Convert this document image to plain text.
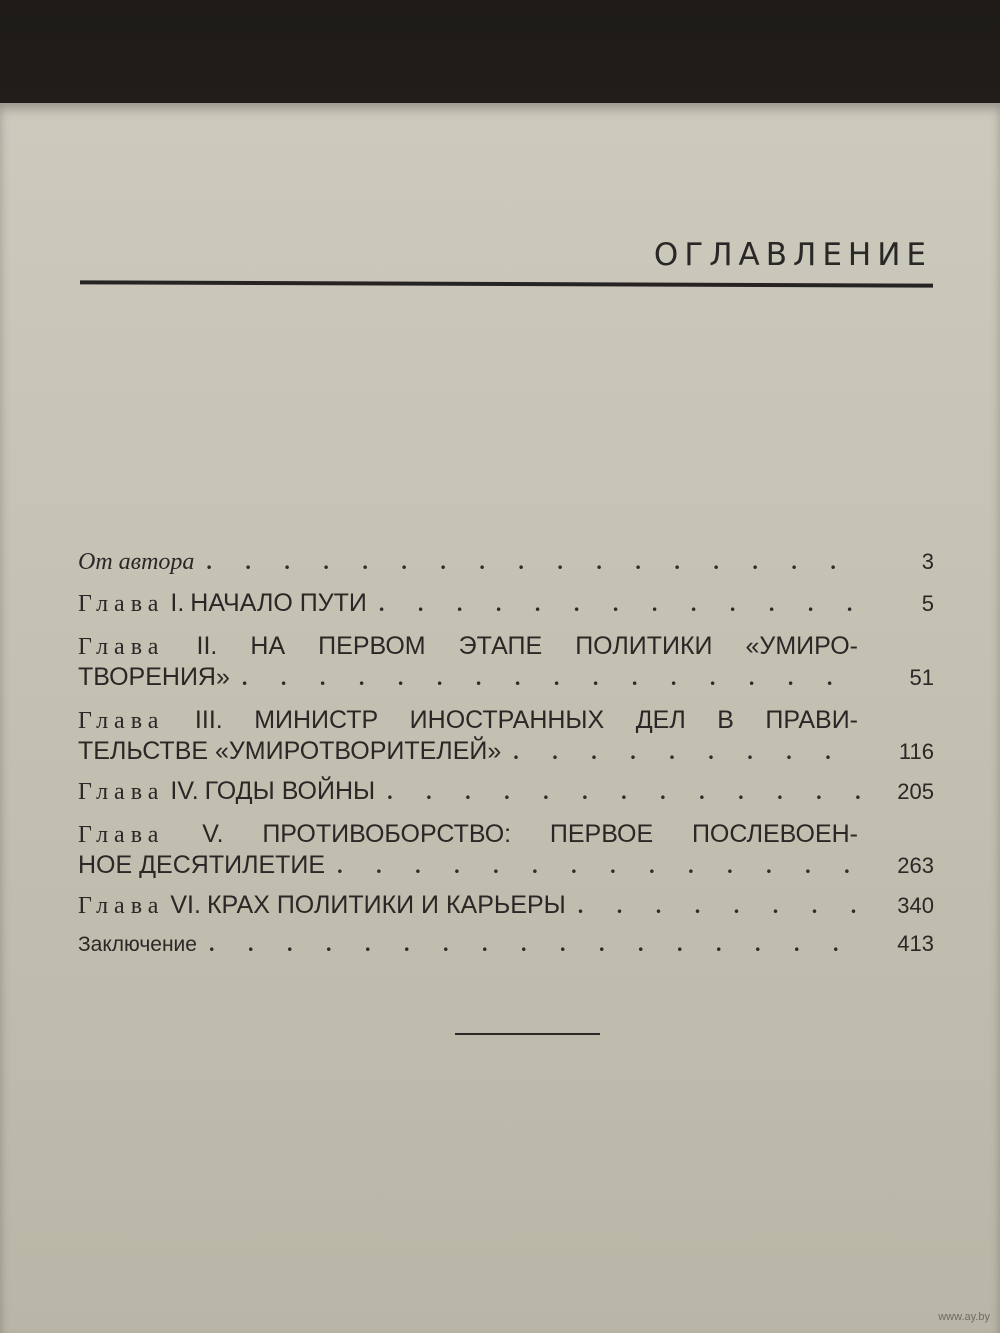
ОГЛАВЛЕНИЕ
От автора . . .	3
Глава I. НАЧАЛО ПУТИ . . .	5
Глава II. НА ПЕРВОМ ЭТАПЕ ПОЛИТИКИ «УМИРО-
ТВОРЕНИЯ» . . .	51
Глава III. МИНИСТР ИНОСТРАННЫХ ДЕЛ В ПРАВИ-
ТЕЛЬСТВЕ «УМИРОТВОРИТЕЛЕЙ» . . .	116
Глава IV. ГОДЫ ВОЙНЫ . . .	205
Глава V. ПРОТИВОБОРСТВО: ПЕРВОЕ ПОСЛЕВОЕН-
НОЕ ДЕСЯТИЛЕТИЕ . . .	263
Глава VI. КРАХ ПОЛИТИКИ И КАРЬЕРЫ . . .	340
Заключение . . .	413
www.ay.by
